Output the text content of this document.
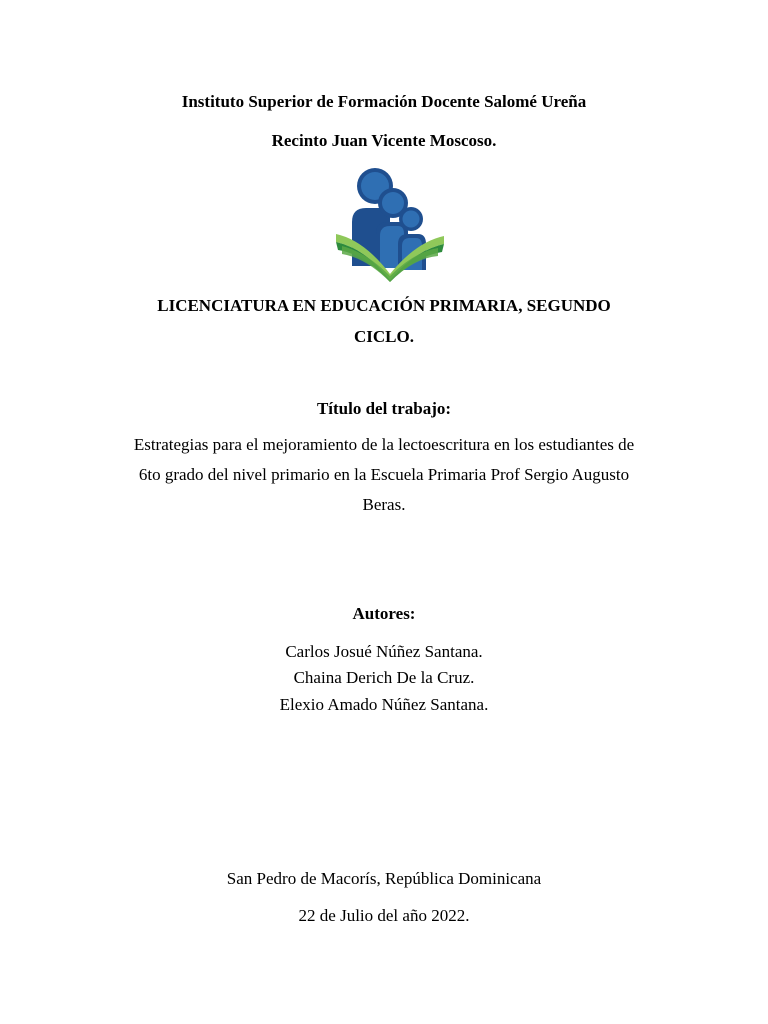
Instituto Superior de Formación Docente Salomé Ureña
Recinto Juan Vicente Moscoso.
LICENCIATURA EN EDUCACIÓN PRIMARIA, SEGUNDO
CICLO.
Título del trabajo:
Estrategias para el mejoramiento de la lectoescritura en los estudiantes de
6to grado del nivel primario en la Escuela Primaria Prof Sergio Augusto
Beras.
Autores:
Carlos Josué Núñez Santana.
Chaina Derich De la Cruz.
Elexio Amado Núñez Santana.
San Pedro de Macorís, República Dominicana
22 de Julio del año 2022.
